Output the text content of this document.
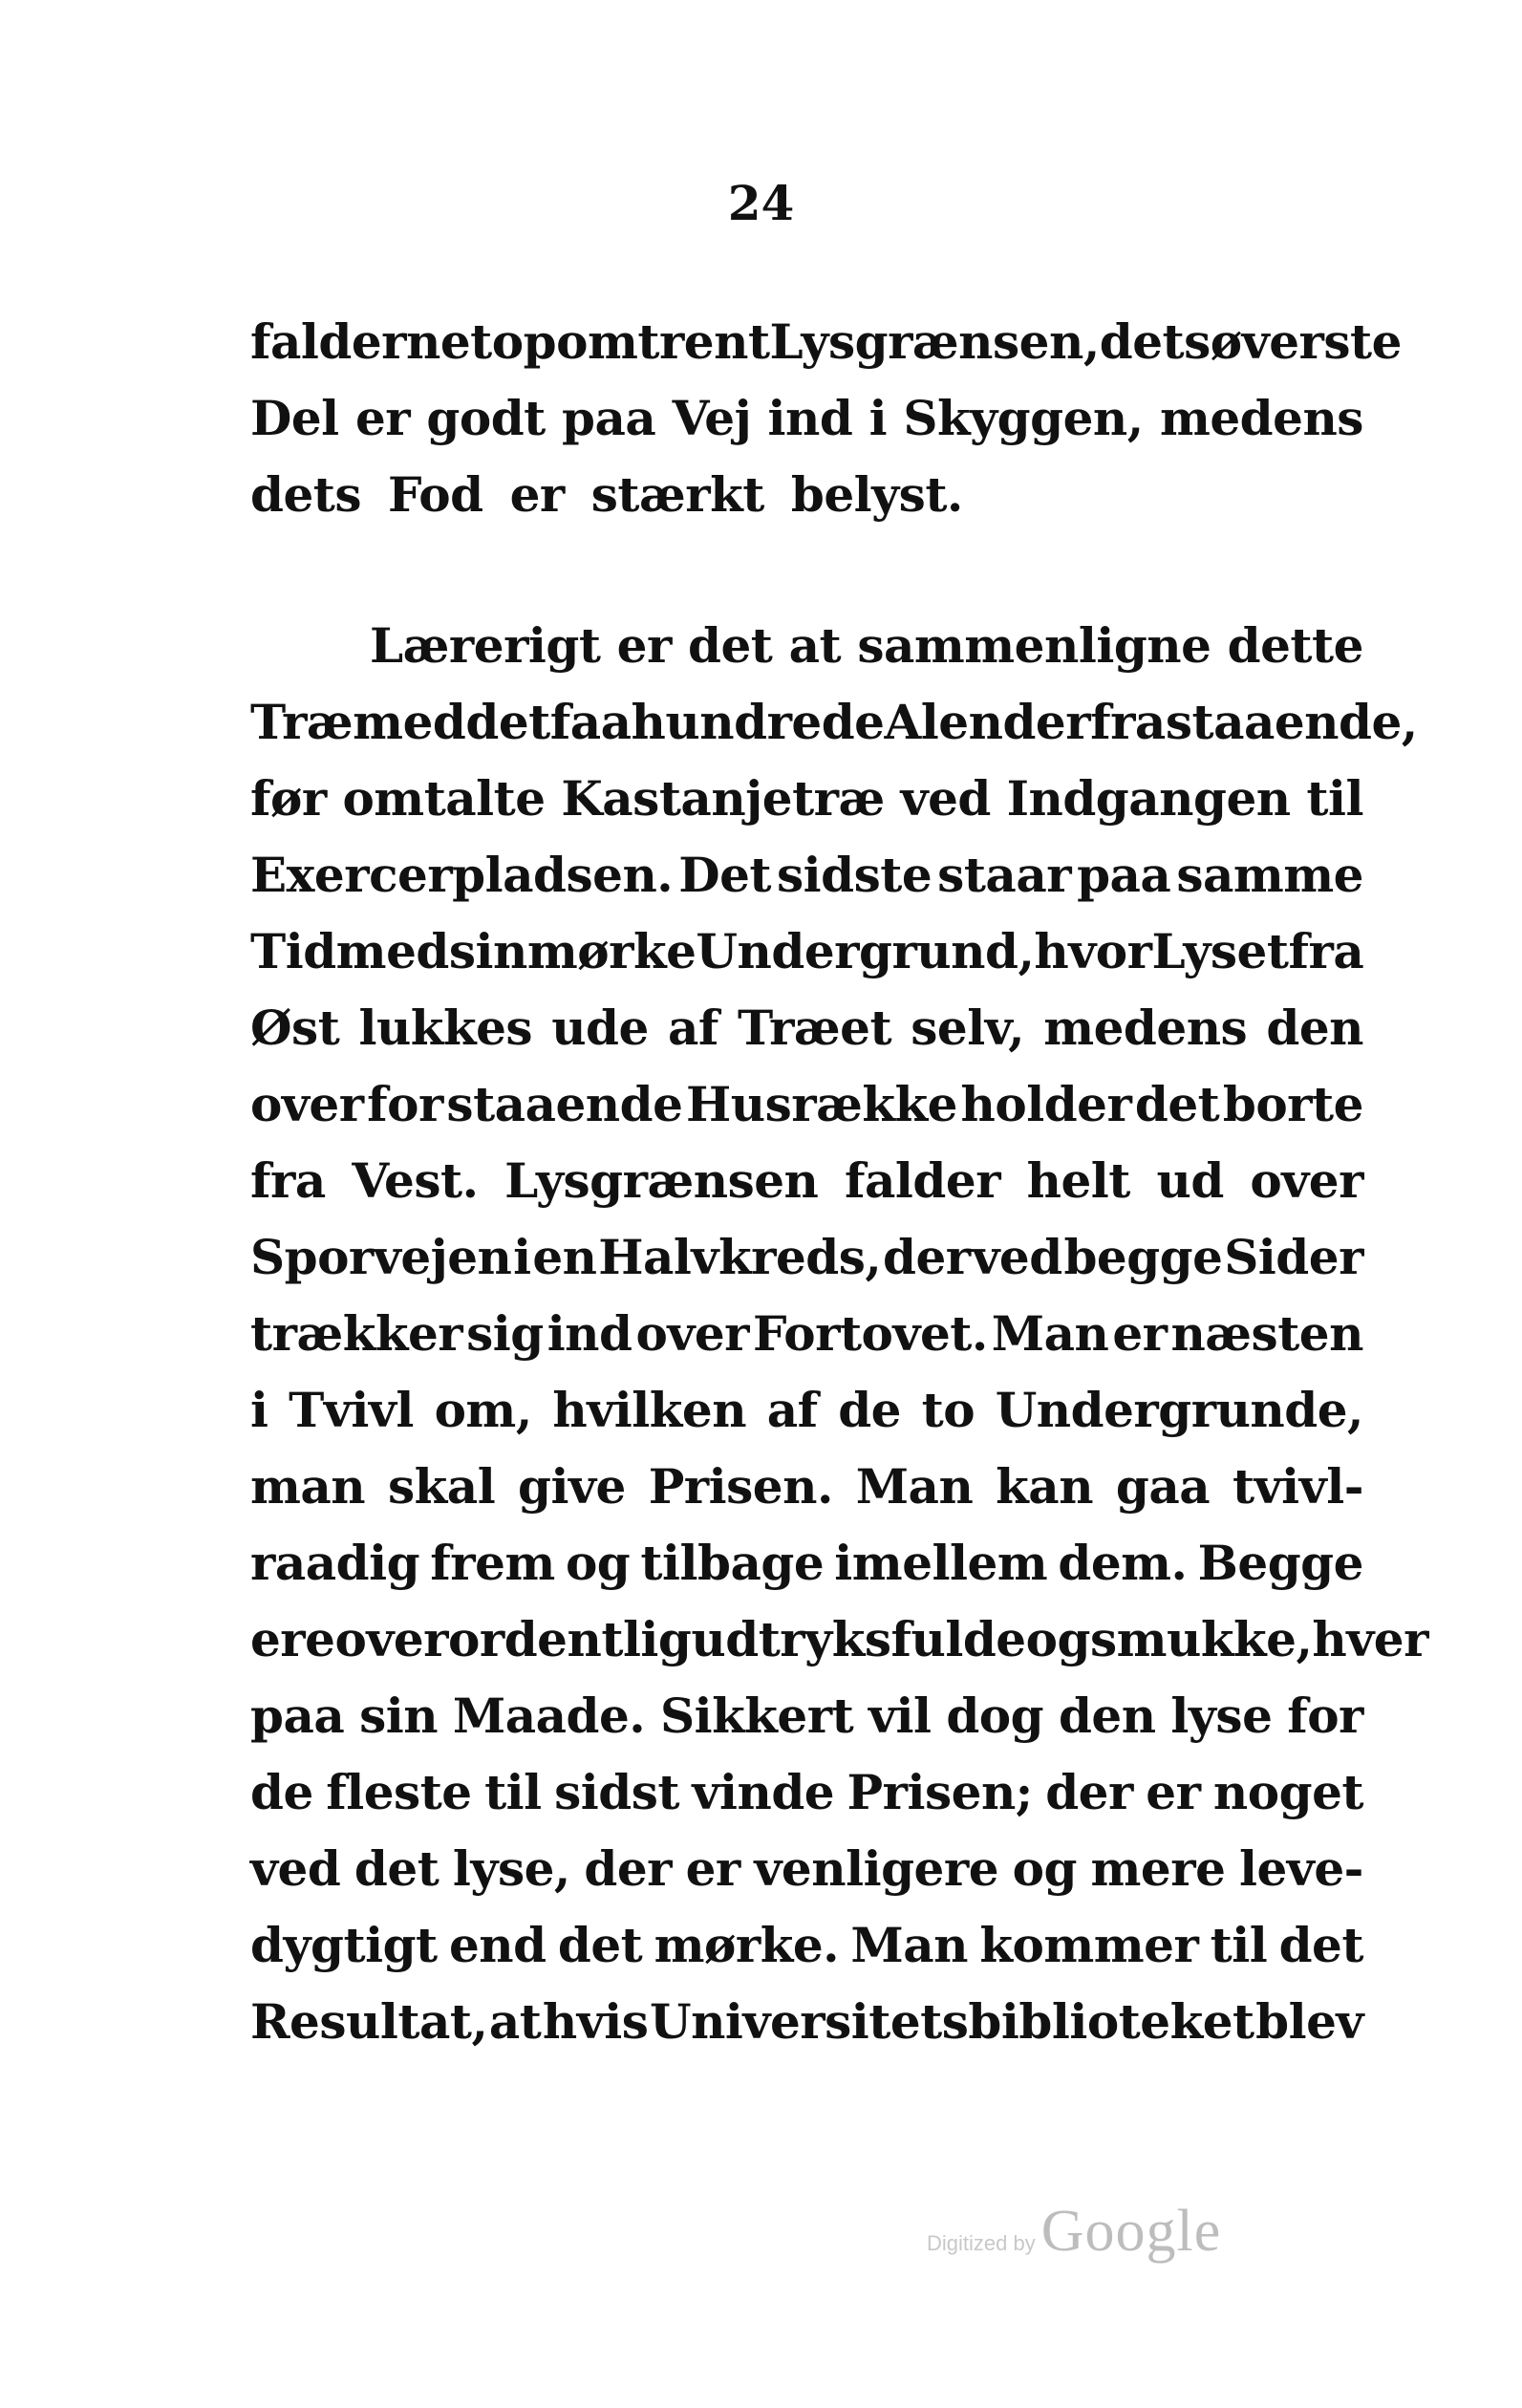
24
falder netop omtrent Lysgrænsen, dets øverste
Del er godt paa Vej ind i Skyggen, medens
dets Fod er stærkt belyst.
Lærerigt er det at sammenligne dette
Træ med det faa hundrede Alen derfra staaende,
før omtalte Kastanjetræ ved Indgangen til
Exercerpladsen. Det sidste staar paa samme
Tid med sin mørke Undergrund, hvor Lyset fra
Øst lukkes ude af Træet selv, medens den
over for staaende Husrække holder det borte
fra Vest. Lysgrænsen falder helt ud over
Sporvejen i en Halvkreds, der ved begge Sider
trækker sig ind over Fortovet. Man er næsten
i Tvivl om, hvilken af de to Undergrunde,
man skal give Prisen. Man kan gaa tvivl-
raadig frem og tilbage imellem dem. Begge
ere overordentlig udtryksfulde og smukke, hver
paa sin Maade. Sikkert vil dog den lyse for
de fleste til sidst vinde Prisen; der er noget
ved det lyse, der er venligere og mere leve-
dygtigt end det mørke. Man kommer til det
Resultat, at hvis Universitetsbiblioteket blev
Digitized by Google
